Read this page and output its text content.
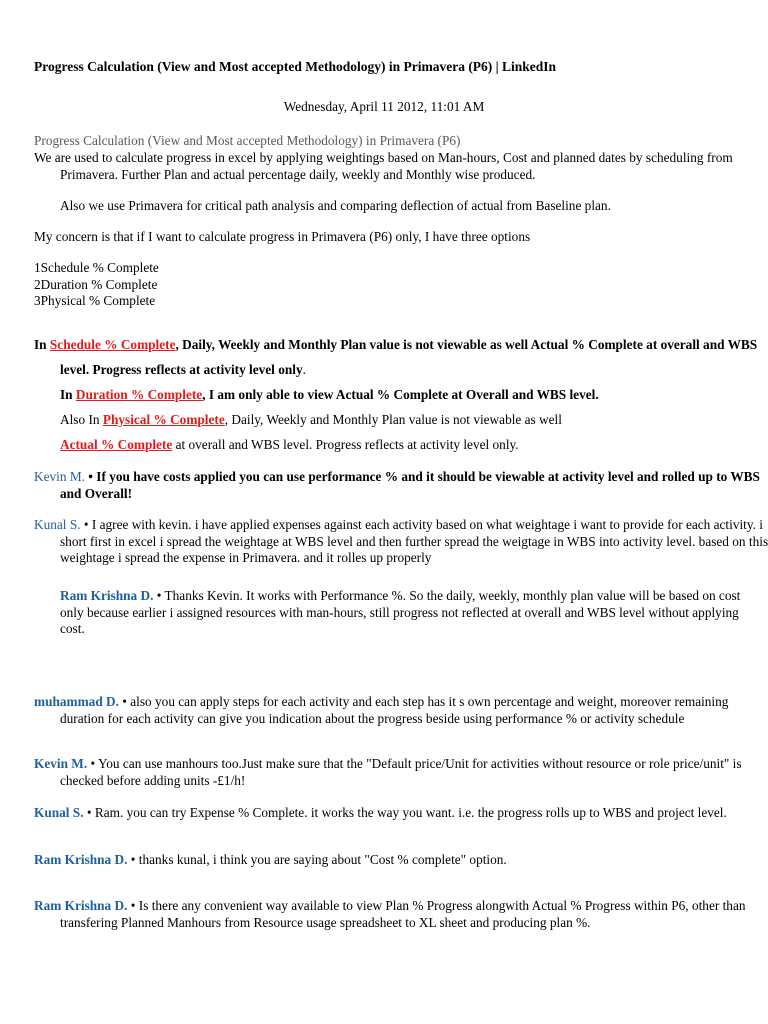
Progress Calculation (View and Most accepted Methodology) in Primavera (P6) | LinkedIn
Wednesday, April 11 2012, 11:01 AM
Progress Calculation (View and Most accepted Methodology) in Primavera (P6)
We are used to calculate progress in excel by applying weightings based on Man-hours, Cost and planned dates by scheduling from Primavera. Further Plan and actual percentage daily, weekly and Monthly wise produced.
Also we use Primavera for critical path analysis and comparing deflection of actual from Baseline plan.
My concern is that if I want to calculate progress in Primavera (P6) only, I have three options
1Schedule % Complete
2Duration % Complete
3Physical % Complete
In Schedule % Complete, Daily, Weekly and Monthly Plan value is not viewable as well Actual % Complete at overall and WBS level. Progress reflects at activity level only.
In Duration % Complete, I am only able to view Actual % Complete at Overall and WBS level.
Also In Physical % Complete, Daily, Weekly and Monthly Plan value is not viewable as well
Actual % Complete at overall and WBS level. Progress reflects at activity level only.
Kevin M. • If you have costs applied you can use performance % and it should be viewable at activity level and rolled up to WBS and Overall!
Kunal S. • I agree with kevin. i have applied expenses against each activity based on what weightage i want to provide for each activity. i short first in excel i spread the weightage at WBS level and then further spread the weigtage in WBS into activity level. based on this weightage i spread the expense in Primavera. and it rolles up properly
Ram Krishna D. • Thanks Kevin. It works with Performance %. So the daily, weekly, monthly plan value will be based on cost only because earlier i assigned resources with man-hours, still progress not reflected at overall and WBS level without applying cost.
muhammad D. • also you can apply steps for each activity and each step has it s own percentage and weight, moreover remaining duration for each activity can give you indication about the progress beside using performance % or activity schedule
Kevin M. • You can use manhours too.Just make sure that the "Default price/Unit for activities without resource or role price/unit" is checked before adding units -£1/h!
Kunal S. • Ram. you can try Expense % Complete. it works the way you want. i.e. the progress rolls up to WBS and project level.
Ram Krishna D. • thanks kunal, i think you are saying about "Cost % complete" option.
Ram Krishna D. • Is there any convenient way available to view Plan % Progress alongwith Actual % Progress within P6, other than transfering Planned Manhours from Resource usage spreadsheet to XL sheet and producing plan %.
